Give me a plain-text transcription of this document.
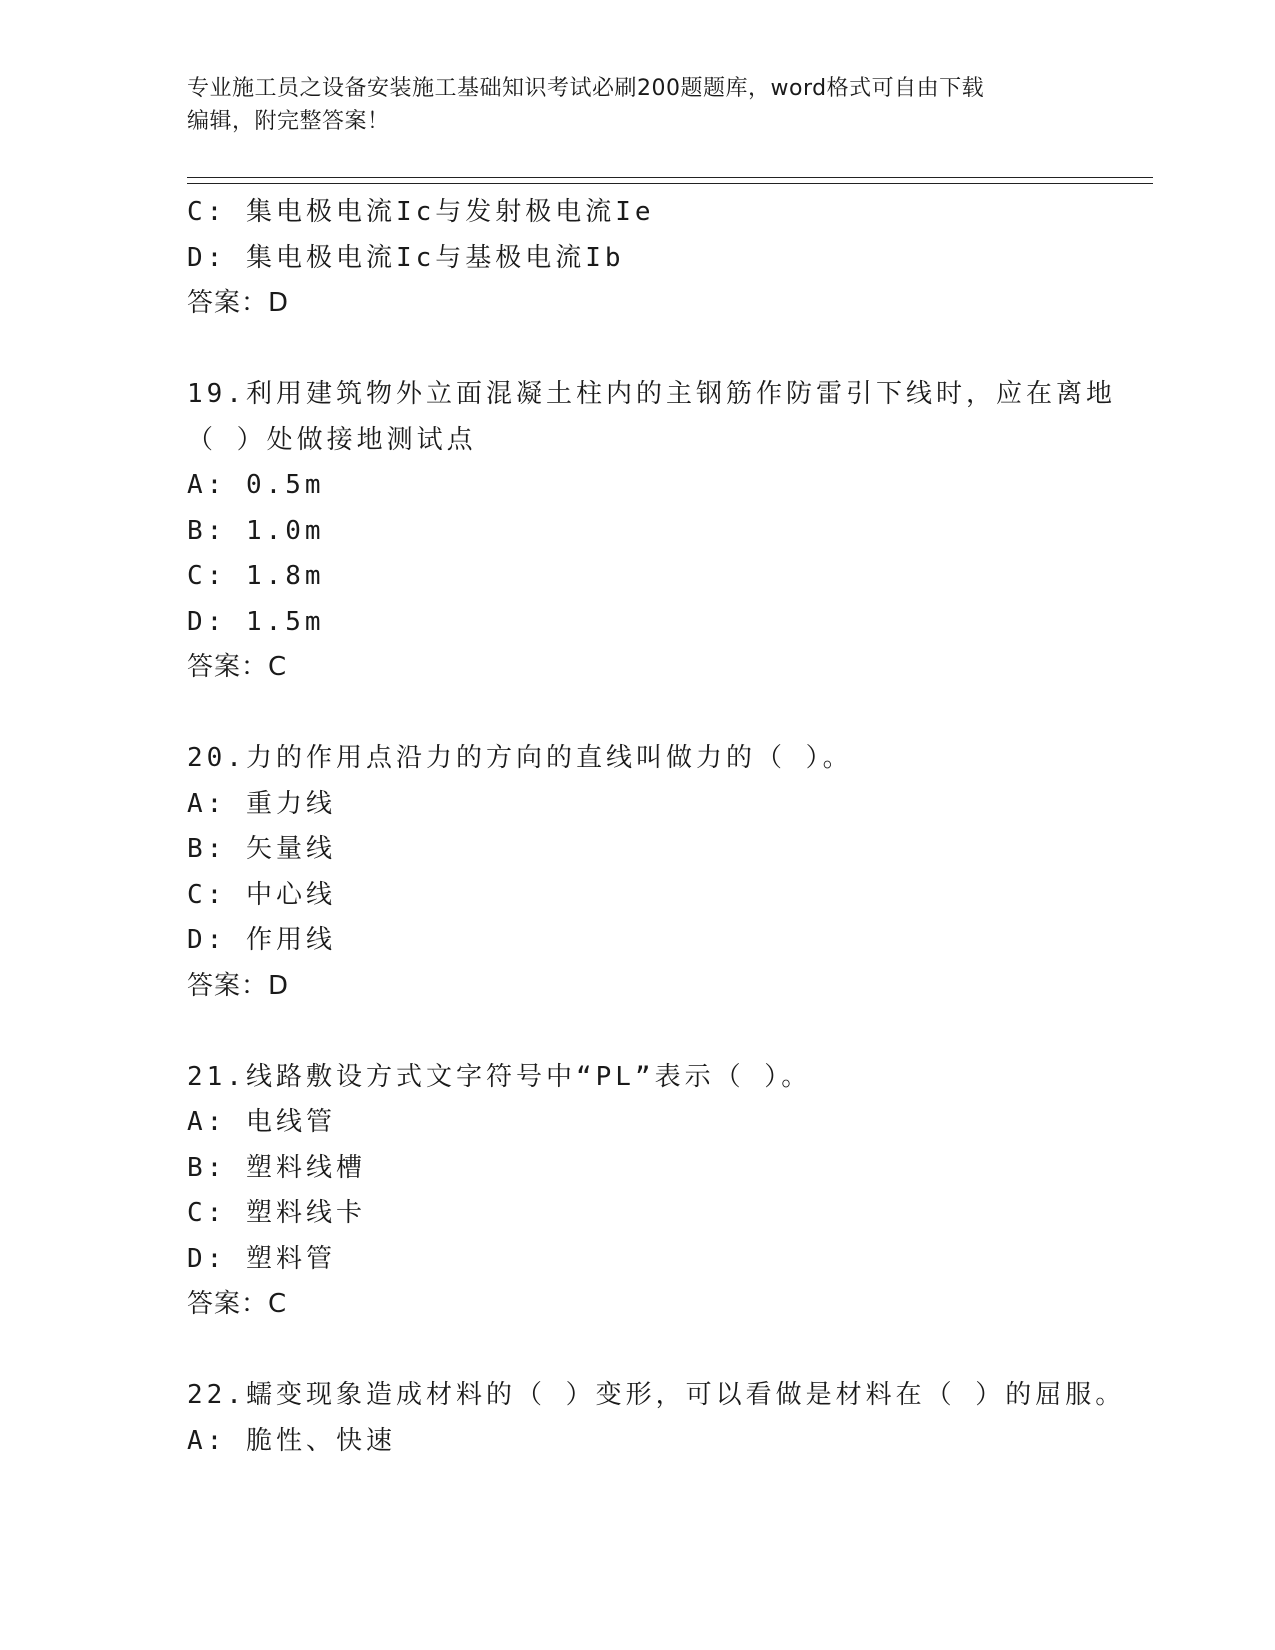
专业施工员之设备安装施工基础知识考试必刷200题题库，word格式可自由下载
编辑，附完整答案！
C: 集电极电流Ic与发射极电流Ie
D: 集电极电流Ic与基极电流Ib
答案：D
19.利用建筑物外立面混凝土柱内的主钢筋作防雷引下线时，应在离地
（ ）处做接地测试点
A: 0.5m
B: 1.0m
C: 1.8m
D: 1.5m
答案：C
20.力的作用点沿力的方向的直线叫做力的（ ）。
A: 重力线
B: 矢量线
C: 中心线
D: 作用线
答案：D
21.线路敷设方式文字符号中“PL”表示（ ）。
A: 电线管
B: 塑料线槽
C: 塑料线卡
D: 塑料管
答案：C
22.蠕变现象造成材料的（ ）变形，可以看做是材料在（ ）的屈服。
A: 脆性、快速
